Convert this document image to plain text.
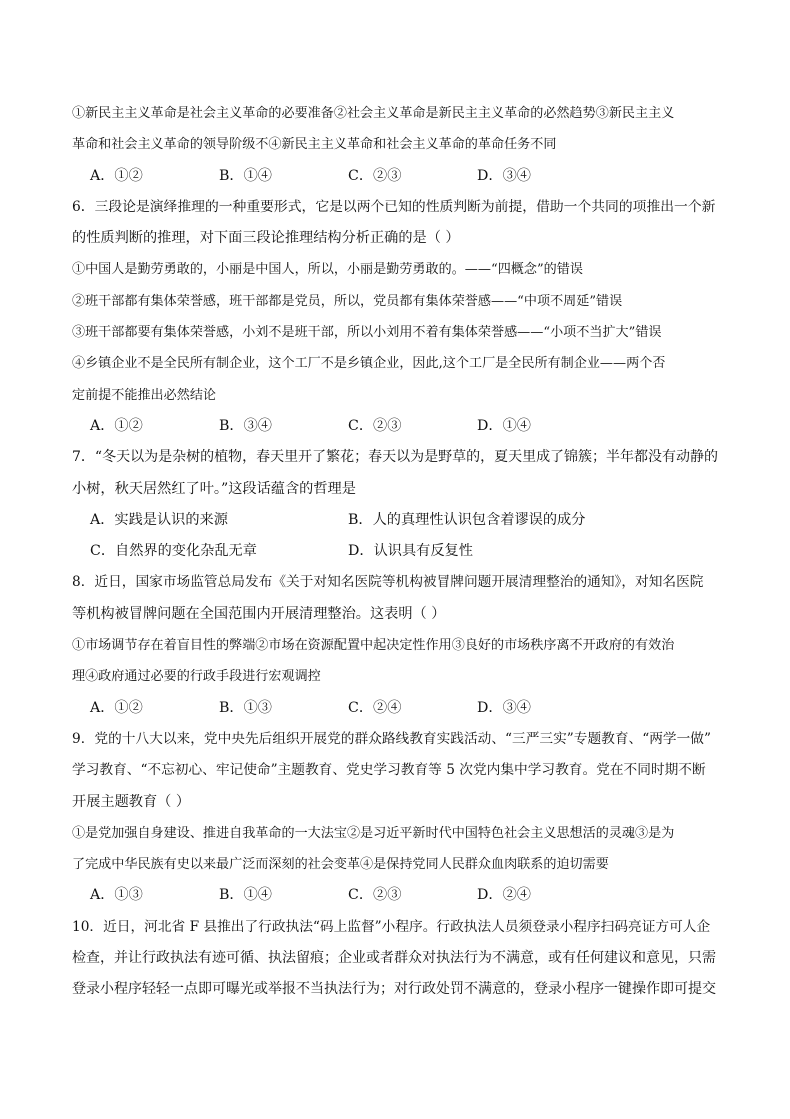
①新民主主义革命是社会主义革命的必要准备②社会主义革命是新民主主义革命的必然趋势③新民主主义
革命和社会主义革命的领导阶级不④新民主主义革命和社会主义革命的革命任务不同
A．①②	B．①④	C．②③	D．③④
6．三段论是演绎推理的一种重要形式，它是以两个已知的性质判断为前提，借助一个共同的项推出一个新
的性质判断的推理，对下面三段论推理结构分析正确的是（ ）
①中国人是勤劳勇敢的，小丽是中国人，所以，小丽是勤劳勇敢的。——“四概念”的错误
②班干部都有集体荣誉感，班干部都是党员，所以，党员都有集体荣誉感——“中项不周延”错误
③班干部都要有集体荣誉感，小刘不是班干部，所以小刘用不着有集体荣誉感——“小项不当扩大”错误
④乡镇企业不是全民所有制企业，这个工厂不是乡镇企业，因此,这个工厂是全民所有制企业——两个否
定前提不能推出必然结论
A．①②	B．③④	C．②③	D．①④
7．“冬天以为是杂树的植物，春天里开了繁花；春天以为是野草的，夏天里成了锦簇；半年都没有动静的
小树，秋天居然红了叶。”这段话蕴含的哲理是
A．实践是认识的来源	B．人的真理性认识包含着谬误的成分
C．自然界的变化杂乱无章	D．认识具有反复性
8．近日，国家市场监管总局发布《关于对知名医院等机构被冒牌问题开展清理整治的通知》，对知名医院
等机构被冒牌问题在全国范围内开展清理整治。这表明（ ）
①市场调节存在着盲目性的弊端②市场在资源配置中起决定性作用③良好的市场秩序离不开政府的有效治
理④政府通过必要的行政手段进行宏观调控
A．①②	B．①③	C．②④	D．③④
9．党的十八大以来，党中央先后组织开展党的群众路线教育实践活动、“三严三实”专题教育、“两学一做”
学习教育、“不忘初心、牢记使命”主题教育、党史学习教育等 5 次党内集中学习教育。党在不同时期不断
开展主题教育（ ）
①是党加强自身建设、推进自我革命的一大法宝②是习近平新时代中国特色社会主义思想活的灵魂③是为
了完成中华民族有史以来最广泛而深刻的社会变革④是保持党同人民群众血肉联系的迫切需要
A．①③	B．①④	C．②③	D．②④
10．近日，河北省 F 县推出了行政执法“码上监督”小程序。行政执法人员须登录小程序扫码亮证方可人企
检查，并让行政执法有迹可循、执法留痕；企业或者群众对执法行为不满意，或有任何建议和意见，只需
登录小程序轻轻一点即可曝光或举报不当执法行为；对行政处罚不满意的，登录小程序一键操作即可提交
